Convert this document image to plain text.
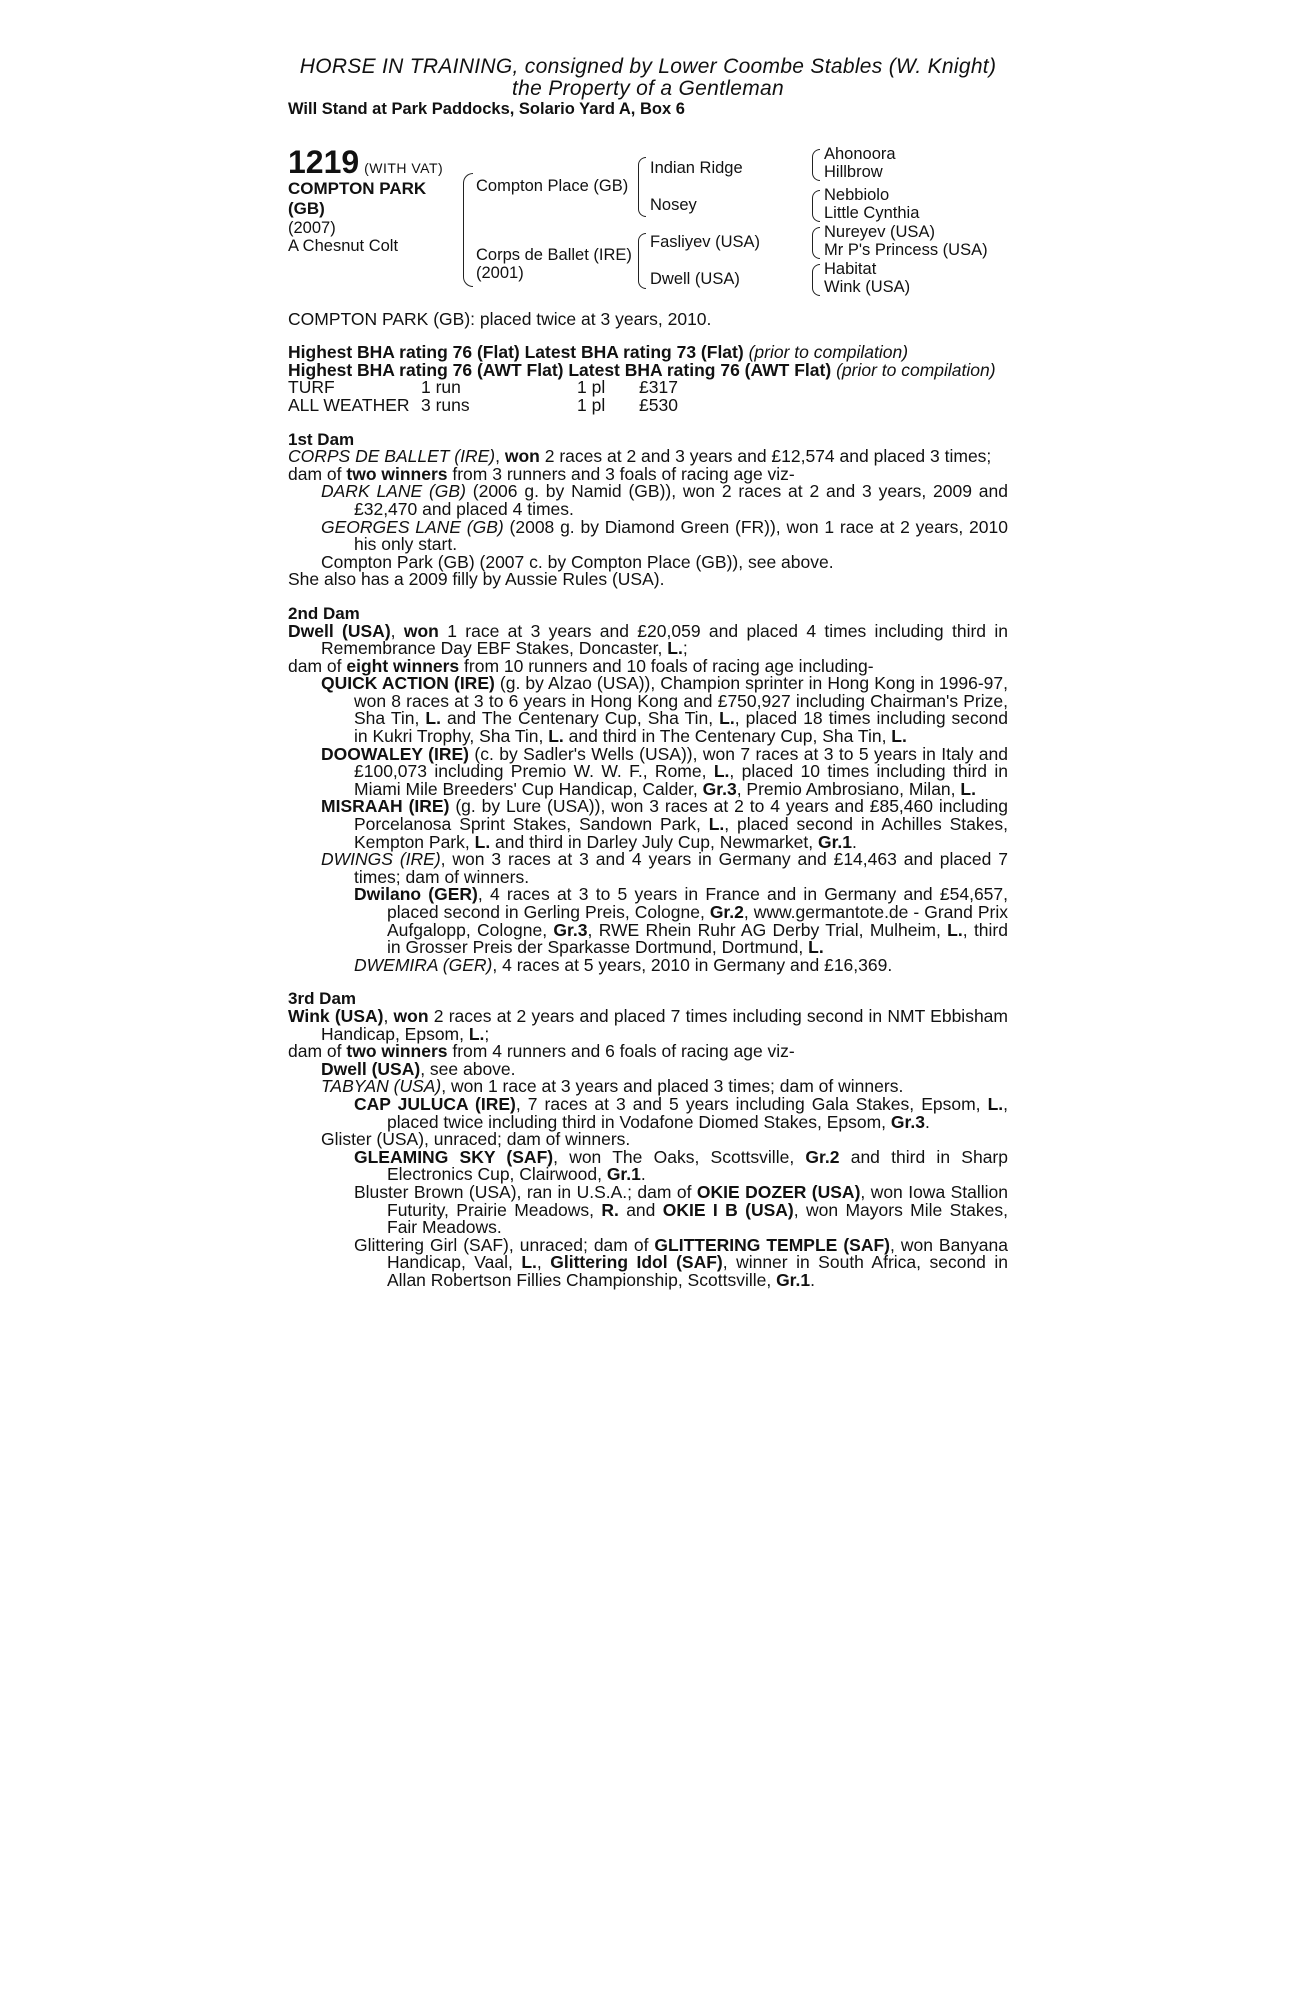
HORSE IN TRAINING, consigned by Lower Coombe Stables (W. Knight)
the Property of a Gentleman
Will Stand at Park Paddocks, Solario Yard A, Box 6
1219 (WITH VAT)
COMPTON PARK
(GB)
(2007)
A Chesnut Colt
Compton Place (GB)
Corps de Ballet (IRE)
(2001)
Indian Ridge
Nosey
Fasliyev (USA)
Dwell (USA)
Ahonoora
Hillbrow
Nebbiolo
Little Cynthia
Nureyev (USA)
Mr P's Princess (USA)
Habitat
Wink (USA)
COMPTON PARK (GB): placed twice at 3 years, 2010.
Highest BHA rating 76 (Flat) Latest BHA rating 73 (Flat) (prior to compilation)
Highest BHA rating 76 (AWT Flat) Latest BHA rating 76 (AWT Flat) (prior to compilation)
TURF	1 run	1 pl	£317
ALL WEATHER 3 runs	1 pl	£530
1st Dam
CORPS DE BALLET (IRE), won 2 races at 2 and 3 years and £12,574 and placed 3 times;
dam of two winners from 3 runners and 3 foals of racing age viz-
DARK LANE (GB) (2006 g. by Namid (GB)), won 2 races at 2 and 3 years, 2009 and £32,470 and placed 4 times.
GEORGES LANE (GB) (2008 g. by Diamond Green (FR)), won 1 race at 2 years, 2010 his only start.
Compton Park (GB) (2007 c. by Compton Place (GB)), see above.
She also has a 2009 filly by Aussie Rules (USA).
2nd Dam
Dwell (USA), won 1 race at 3 years and £20,059 and placed 4 times including third in Remembrance Day EBF Stakes, Doncaster, L.;
dam of eight winners from 10 runners and 10 foals of racing age including-
QUICK ACTION (IRE) (g. by Alzao (USA)), Champion sprinter in Hong Kong in 1996-97, won 8 races at 3 to 6 years in Hong Kong and £750,927 including Chairman's Prize, Sha Tin, L. and The Centenary Cup, Sha Tin, L., placed 18 times including second in Kukri Trophy, Sha Tin, L. and third in The Centenary Cup, Sha Tin, L.
DOOWALEY (IRE) (c. by Sadler's Wells (USA)), won 7 races at 3 to 5 years in Italy and £100,073 including Premio W. W. F., Rome, L., placed 10 times including third in Miami Mile Breeders' Cup Handicap, Calder, Gr.3, Premio Ambrosiano, Milan, L.
MISRAAH (IRE) (g. by Lure (USA)), won 3 races at 2 to 4 years and £85,460 including Porcelanosa Sprint Stakes, Sandown Park, L., placed second in Achilles Stakes, Kempton Park, L. and third in Darley July Cup, Newmarket, Gr.1.
DWINGS (IRE), won 3 races at 3 and 4 years in Germany and £14,463 and placed 7 times; dam of winners.
Dwilano (GER), 4 races at 3 to 5 years in France and in Germany and £54,657, placed second in Gerling Preis, Cologne, Gr.2, www.germantote.de - Grand Prix Aufgalopp, Cologne, Gr.3, RWE Rhein Ruhr AG Derby Trial, Mulheim, L., third in Grosser Preis der Sparkasse Dortmund, Dortmund, L.
DWEMIRA (GER), 4 races at 5 years, 2010 in Germany and £16,369.
3rd Dam
Wink (USA), won 2 races at 2 years and placed 7 times including second in NMT Ebbisham Handicap, Epsom, L.;
dam of two winners from 4 runners and 6 foals of racing age viz-
Dwell (USA), see above.
TABYAN (USA), won 1 race at 3 years and placed 3 times; dam of winners.
CAP JULUCA (IRE), 7 races at 3 and 5 years including Gala Stakes, Epsom, L., placed twice including third in Vodafone Diomed Stakes, Epsom, Gr.3.
Glister (USA), unraced; dam of winners.
GLEAMING SKY (SAF), won The Oaks, Scottsville, Gr.2 and third in Sharp Electronics Cup, Clairwood, Gr.1.
Bluster Brown (USA), ran in U.S.A.; dam of OKIE DOZER (USA), won Iowa Stallion Futurity, Prairie Meadows, R. and OKIE I B (USA), won Mayors Mile Stakes, Fair Meadows.
Glittering Girl (SAF), unraced; dam of GLITTERING TEMPLE (SAF), won Banyana Handicap, Vaal, L., Glittering Idol (SAF), winner in South Africa, second in Allan Robertson Fillies Championship, Scottsville, Gr.1.
